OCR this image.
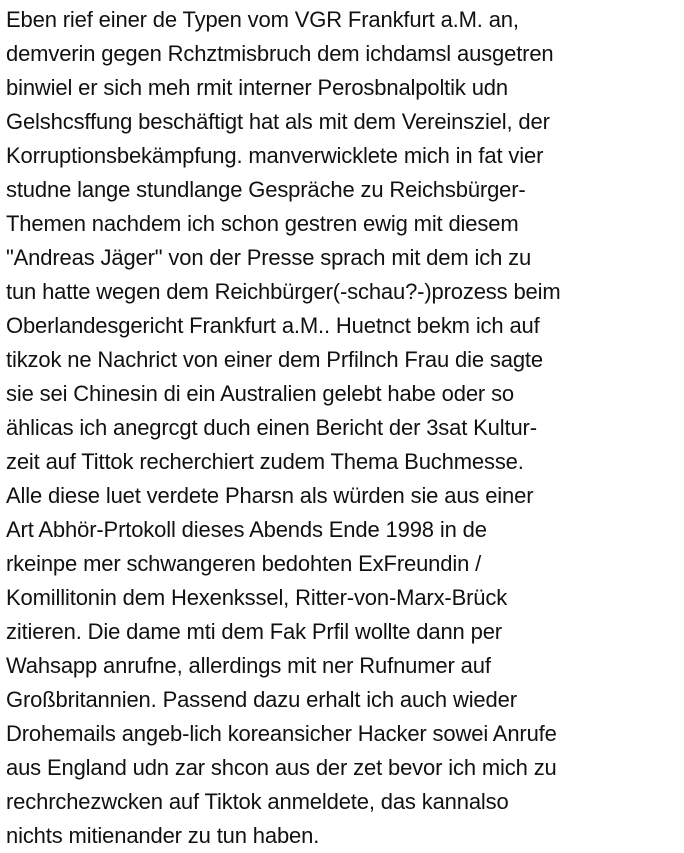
Eben rief einer de Typen vom VGR Frankfurt a.M. an,
demverin gegen Rchztmisbruch dem ichdamsl ausgetren
binwiel er sich meh rmit interner Perosbnalpoltik udn
Gelshcsffung beschäftigt hat als mit dem Vereinsziel, der
Korruptionsbekämpfung. manverwicklete mich in fat vier
studne lange stundlange Gespräche zu Reichsbürger-
Themen nachdem ich schon gestren ewig mit diesem
"Andreas Jäger" von der Presse sprach mit dem ich zu
tun hatte wegen dem Reichbürger(-schau?-)prozess beim
Oberlandesgericht Frankfurt a.M.. Huetnct bekm ich auf
tikzok ne Nachrict von einer dem Prfilnch Frau die sagte
sie sei Chinesin di ein Australien gelebt habe oder so
ählicas ich anegrcgt duch einen Bericht der 3sat Kultur-
zeit auf Tittok recherchiert zudem Thema Buchmesse.
Alle diese luet verdete Pharsn als würden sie aus einer
Art Abhör-Prtokoll dieses Abends Ende 1998 in de
rkeinpe mer schwangeren bedohten ExFreundin /
Komillitonin dem Hexenkssel, Ritter-von-Marx-Brück
zitieren. Die dame mti dem Fak Prfil wollte dann per
Wahsapp anrufne, allerdings mit ner Rufnumer auf
Großbritannien. Passend dazu erhalt ich auch wieder
Drohemails angeb-lich koreansicher Hacker sowei Anrufe
aus England udn zar shcon aus der zet bevor ich mich zu
rechrchezwcken auf Tiktok anmeldete, das kannalso
nichts mitienander zu tun haben.
